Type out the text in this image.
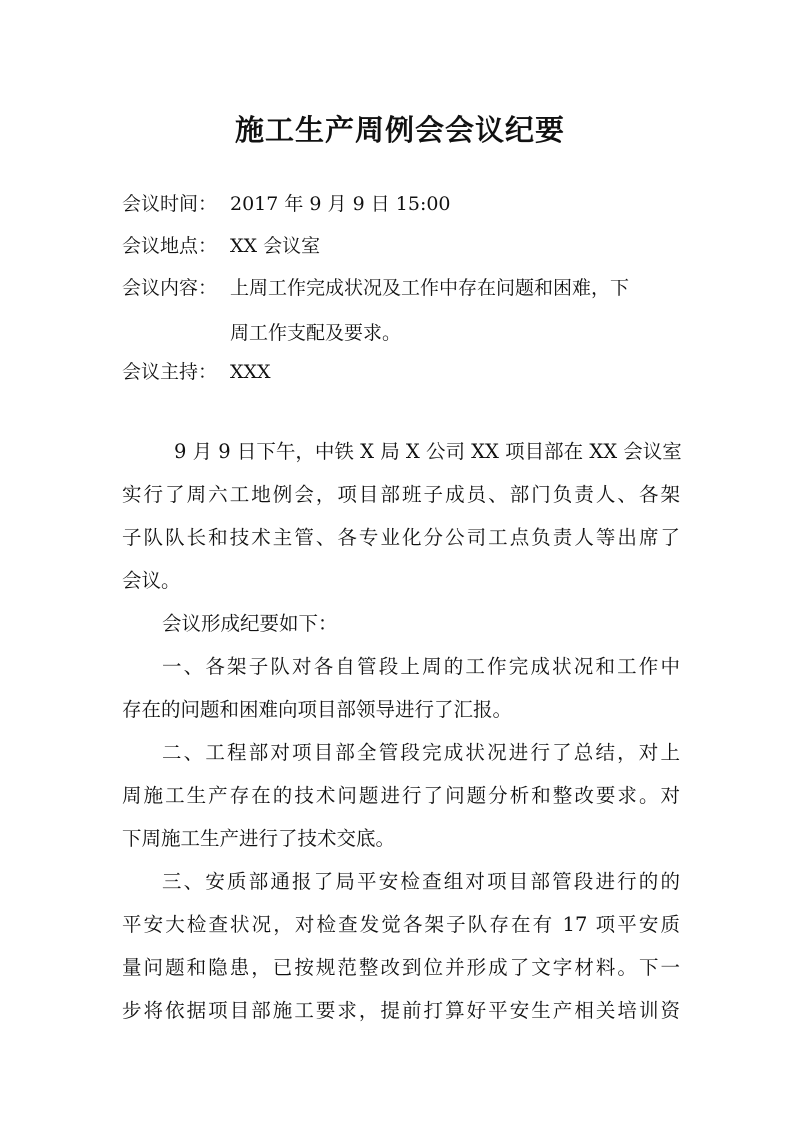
施工生产周例会会议纪要
会议时间： 2017 年 9 月 9 日 15:00
会议地点： XX 会议室
会议内容： 上周工作完成状况及工作中存在问题和困难，下
周工作支配及要求。
会议主持： XXX
9 月 9 日下午，中铁 X 局 X 公司 XX 项目部在 XX 会议室
实行了周六工地例会，项目部班子成员、部门负责人、各架
子队队长和技术主管、各专业化分公司工点负责人等出席了
会议。
会议形成纪要如下：
一、各架子队对各自管段上周的工作完成状况和工作中
存在的问题和困难向项目部领导进行了汇报。
二、工程部对项目部全管段完成状况进行了总结，对上
周施工生产存在的技术问题进行了问题分析和整改要求。对
下周施工生产进行了技术交底。
三、安质部通报了局平安检查组对项目部管段进行的的
平安大检查状况，对检查发觉各架子队存在有 17 项平安质
量问题和隐患，已按规范整改到位并形成了文字材料。下一
步将依据项目部施工要求，提前打算好平安生产相关培训资
